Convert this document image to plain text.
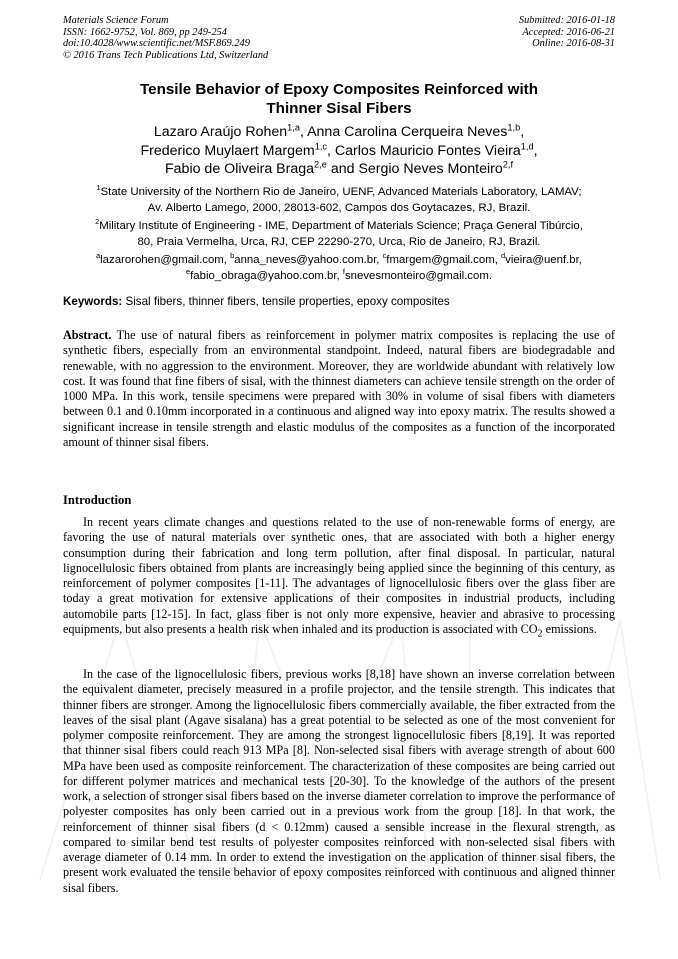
Materials Science Forum
ISSN: 1662-9752, Vol. 869, pp 249-254
doi:10.4028/www.scientific.net/MSF.869.249
© 2016 Trans Tech Publications Ltd, Switzerland
Submitted: 2016-01-18
Accepted: 2016-06-21
Online: 2016-08-31
Tensile Behavior of Epoxy Composites Reinforced with
Thinner Sisal Fibers
Lazaro Araújo Rohen$^{1,a}$, Anna Carolina Cerqueira Neves$^{1,b}$,
Frederico Muylaert Margem$^{1,c}$, Carlos Mauricio Fontes Vieira$^{1,d}$,
Fabio de Oliveira Braga$^{2,e}$ and Sergio Neves Monteiro$^{2,f}$
$^1$State University of the Northern Rio de Janeiro, UENF, Advanced Materials Laboratory, LAMAV;
Av. Alberto Lamego, 2000, 28013-602, Campos dos Goytacazes, RJ, Brazil.
$^2$Military Institute of Engineering - IME, Department of Materials Science; Praça General Tibúrcio,
80, Praia Vermelha, Urca, RJ, CEP 22290-270, Urca, Rio de Janeiro, RJ, Brazil.
$^a$lazarorohen@gmail.com, $^b$anna_neves@yahoo.com.br, $^c$fmargem@gmail.com, $^d$vieira@uenf.br,
$^e$fabio_obraga@yahoo.com.br, $^f$snevesmonteiro@gmail.com.
Keywords: Sisal fibers, thinner fibers, tensile properties, epoxy composites
Abstract. The use of natural fibers as reinforcement in polymer matrix composites is replacing the use of synthetic fibers, especially from an environmental standpoint. Indeed, natural fibers are biodegradable and renewable, with no aggression to the environment. Moreover, they are worldwide abundant with relatively low cost. It was found that fine fibers of sisal, with the thinnest diameters can achieve tensile strength on the order of 1000 MPa. In this work, tensile specimens were prepared with 30% in volume of sisal fibers with diameters between 0.1 and 0.10mm incorporated in a continuous and aligned way into epoxy matrix. The results showed a significant increase in tensile strength and elastic modulus of the composites as a function of the incorporated amount of thinner sisal fibers.
Introduction

In recent years climate changes and questions related to the use of non-renewable forms of energy, are favoring the use of natural materials over synthetic ones, that are associated with both a higher energy consumption during their fabrication and long term pollution, after final disposal. In particular, natural lignocellulosic fibers obtained from plants are increasingly being applied since the beginning of this century, as reinforcement of polymer composites [1-11]. The advantages of lignocellulosic fibers over the glass fiber are today a great motivation for extensive applications of their composites in industrial products, including automobile parts [12-15]. In fact, glass fiber is not only more expensive, heavier and abrasive to processing equipments, but also presents a health risk when inhaled and its production is associated with $CO_2$ emissions.

In the case of the lignocellulosic fibers, previous works [8,18] have shown an inverse correlation between the equivalent diameter, precisely measured in a profile projector, and the tensile strength. This indicates that thinner fibers are stronger. Among the lignocellulosic fibers commercially available, the fiber extracted from the leaves of the sisal plant (Agave sisalana) has a great potential to be selected as one of the most convenient for polymer composite reinforcement. They are among the strongest lignocellulosic fibers [8,19]. It was reported that thinner sisal fibers could reach 913 MPa [8]. Non-selected sisal fibers with average strength of about 600 MPa have been used as composite reinforcement. The characterization of these composites are being carried out for different polymer matrices and mechanical tests [20-30]. To the knowledge of the authors of the present work, a selection of stronger sisal fibers based on the inverse diameter correlation to improve the performance of polyester composites has only been carried out in a previous work from the group [18]. In that work, the reinforcement of thinner sisal fibers (d < 0.12mm) caused a sensible increase in the flexural strength, as compared to similar bend test results of polyester composites reinforced with non-selected sisal fibers with average diameter of 0.14 mm. In order to extend the investigation on the application of thinner sisal fibers, the present work evaluated the tensile behavior of epoxy composites reinforced with continuous and aligned thinner sisal fibers.
